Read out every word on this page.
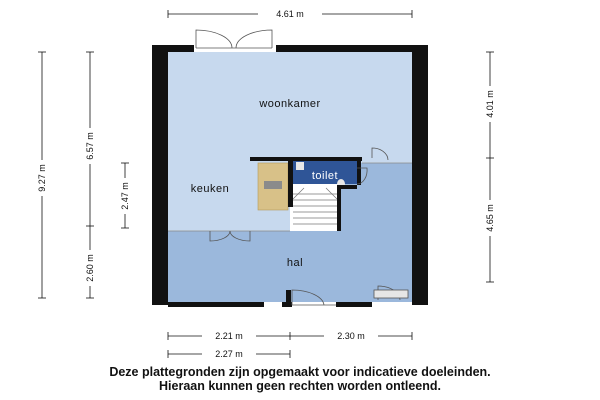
woonkamer
keuken
toilet
hal
4.61 m
9.27 m
6.57 m
2.60 m
2.47 m
4.01 m
4.65 m
2.21 m	2.30 m
2.27 m
Deze plattegronden zijn opgemaakt voor indicatieve doeleinden.
Hieraan kunnen geen rechten worden ontleend.
